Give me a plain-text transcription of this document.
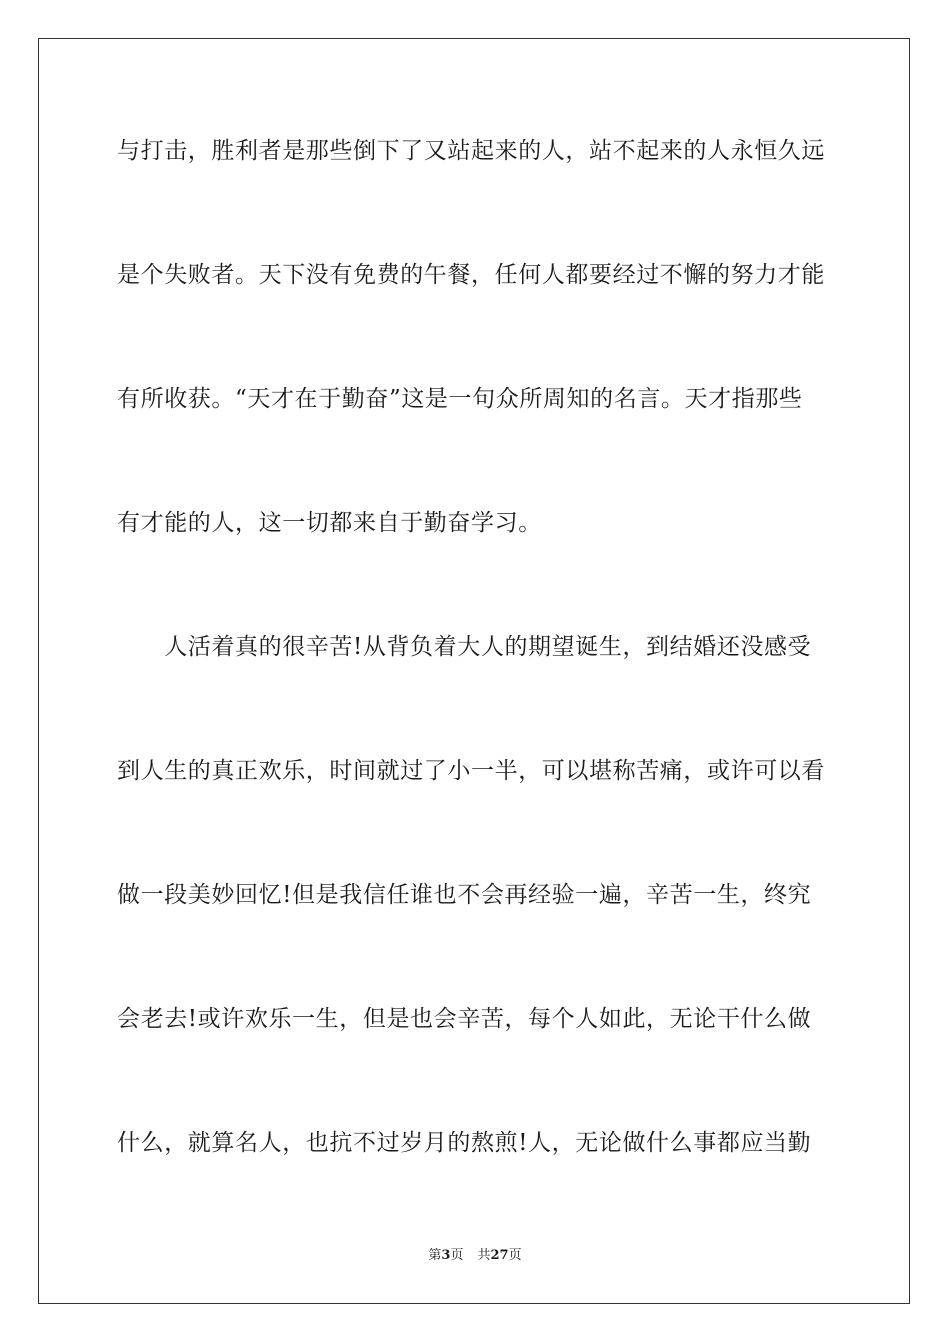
与打击，胜利者是那些倒下了又站起来的人，站不起来的人永恒久远
是个失败者。天下没有免费的午餐，任何人都要经过不懈的努力才能
有所收获。“天才在于勤奋”这是一句众所周知的名言。天才指那些
有才能的人，这一切都来自于勤奋学习。
　　人活着真的很辛苦!从背负着大人的期望诞生，到结婚还没感受
到人生的真正欢乐，时间就过了小一半，可以堪称苦痛，或许可以看
做一段美妙回忆!但是我信任谁也不会再经验一遍，辛苦一生，终究
会老去!或许欢乐一生，但是也会辛苦，每个人如此，无论干什么做
什么，就算名人，也抗不过岁月的熬煎!人，无论做什么事都应当勤
第3页 共27页
